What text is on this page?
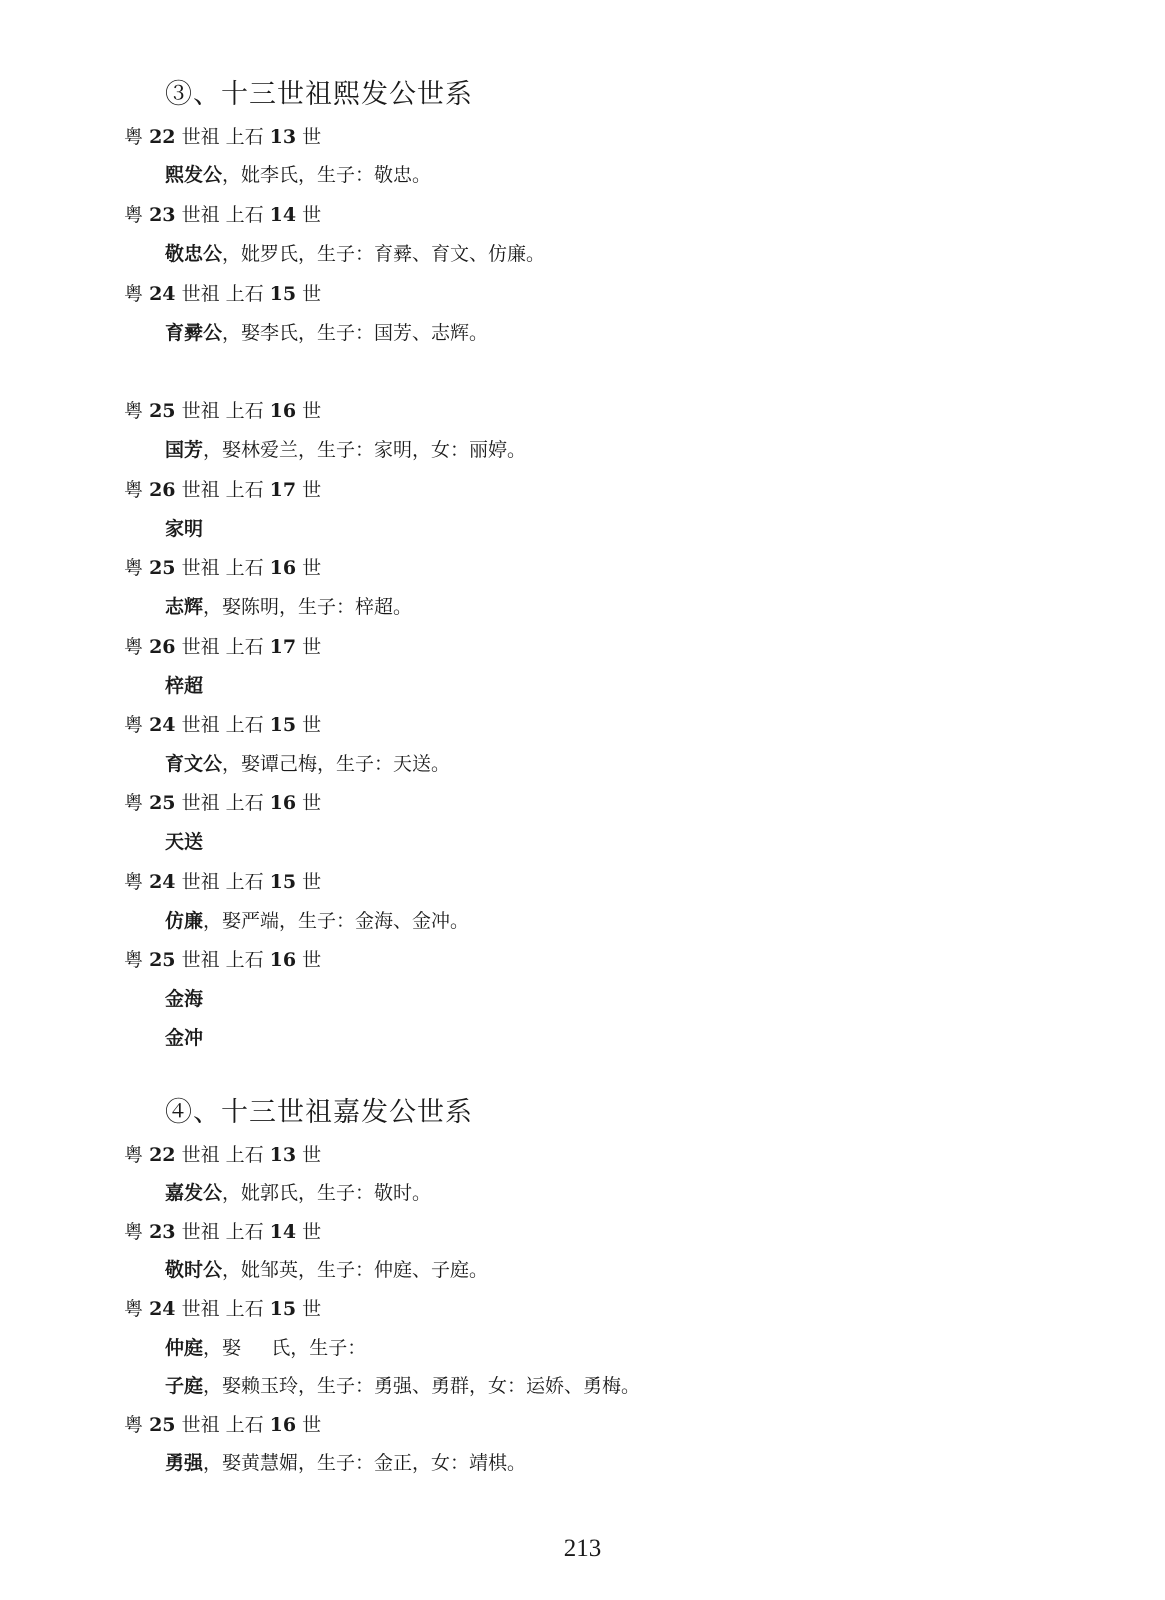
③、十三世祖熙发公世系
粤 22 世祖 上石 13 世
熙发公，妣李氏，生子：敬忠。
粤 23 世祖 上石 14 世
敬忠公，妣罗氏，生子：育彛、育文、仿廉。
粤 24 世祖 上石 15 世
育彛公，娶李氏，生子：国芳、志辉。
粤 25 世祖 上石 16 世
国芳，娶林爱兰，生子：家明，女：丽婷。
粤 26 世祖 上石 17 世
家明
粤 25 世祖 上石 16 世
志辉，娶陈明，生子：梓超。
粤 26 世祖 上石 17 世
梓超
粤 24 世祖 上石 15 世
育文公，娶谭己梅，生子：天送。
粤 25 世祖 上石 16 世
天送
粤 24 世祖 上石 15 世
仿廉，娶严端，生子：金海、金冲。
粤 25 世祖 上石 16 世
金海
金冲
④、十三世祖嘉发公世系
粤 22 世祖 上石 13 世
嘉发公，妣郭氏，生子：敬时。
粤 23 世祖 上石 14 世
敬时公，妣邹英，生子：仲庭、子庭。
粤 24 世祖 上石 15 世
仲庭，娶     氏，生子：
子庭，娶赖玉玲，生子：勇强、勇群，女：运娇、勇梅。
粤 25 世祖 上石 16 世
勇强，娶黄慧媚，生子：金正，女：靖棋。
213
